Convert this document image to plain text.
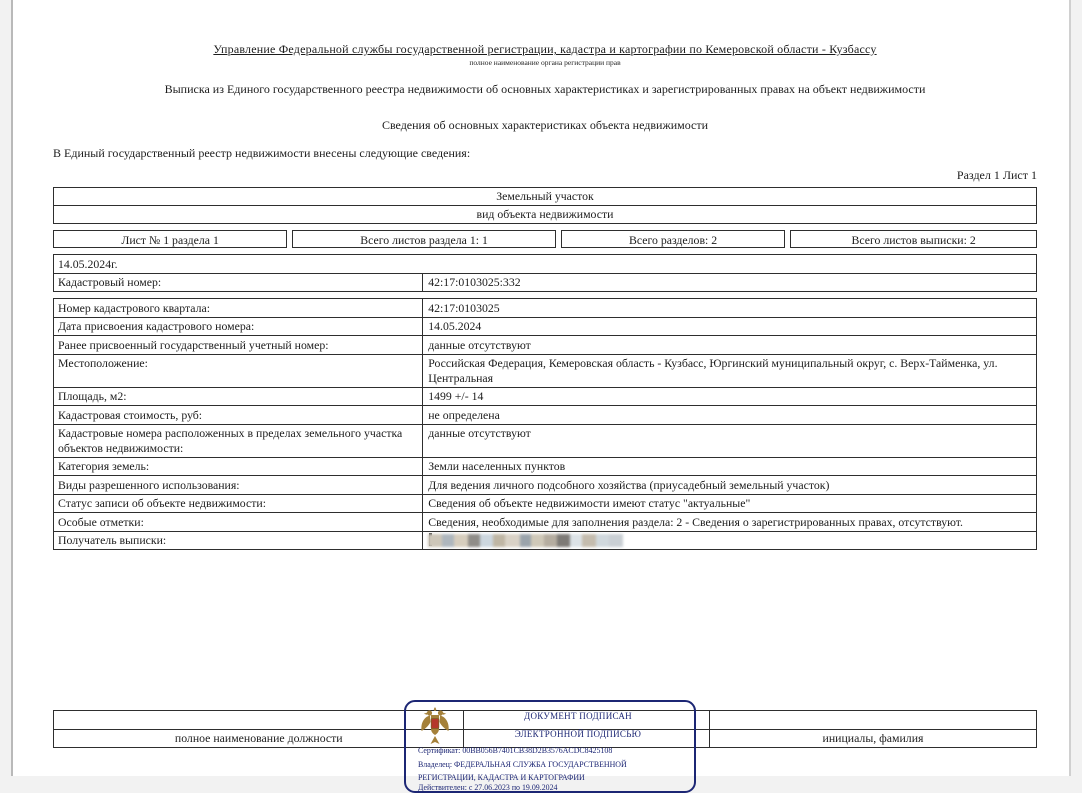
Управление Федеральной службы государственной регистрации, кадастра и картографии по Кемеровской области - Кузбассу
полное наименование органа регистрации прав
Выписка из Единого государственного реестра недвижимости об основных характеристиках и зарегистрированных правах на объект недвижимости
Сведения об основных характеристиках объекта недвижимости
В Единый государственный реестр недвижимости внесены следующие сведения:
Раздел 1 Лист 1
Земельный участок
вид объекта недвижимости
Лист № 1 раздела 1	Всего листов раздела 1: 1	Всего разделов: 2	Всего листов выписки: 2
14.05.2024г.
Кадастровый номер:	42:17:0103025:332
Номер кадастрового квартала:	42:17:0103025
Дата присвоения кадастрового номера:	14.05.2024
Ранее присвоенный государственный учетный номер:	данные отсутствуют
Местоположение:	Российская Федерация, Кемеровская область - Кузбасс, Юргинский муниципальный округ, с. Верх-Тайменка, ул. Центральная
Площадь, м2:	1499 +/- 14
Кадастровая стоимость, руб:	не определена
Кадастровые номера расположенных в пределах земельного участка объектов недвижимости:
данные отсутствуют
Категория земель:	Земли населенных пунктов
Виды разрешенного использования:	Для ведения личного подсобного хозяйства (приусадебный земельный участок)
Статус записи об объекте недвижимости:	Сведения об объекте недвижимости имеют статус "актуальные"
Особые отметки:	Сведения, необходимые для заполнения раздела: 2 - Сведения о зарегистрированных правах, отсутствуют.
Получатель выписки:
полное наименование должности	инициалы, фамилия
ДОКУМЕНТ ПОДПИСАН
ЭЛЕКТРОННОЙ ПОДПИСЬЮ
Сертификат: 00BB056B7401CB38D2B3576ACDC8425108
Владелец: ФЕДЕРАЛЬНАЯ СЛУЖБА ГОСУДАРСТВЕННОЙ
РЕГИСТРАЦИИ, КАДАСТРА И КАРТОГРАФИИ
Действителен: с 27.06.2023 по 19.09.2024
